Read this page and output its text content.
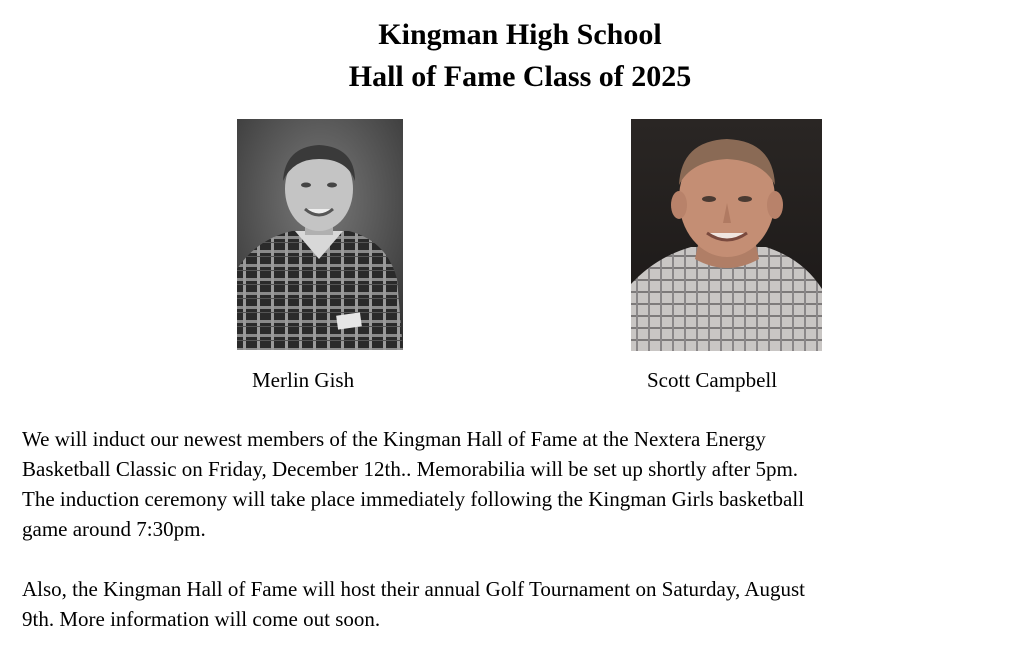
Kingman High School

Hall of Fame Class of 2025

Merlin Gish	Scott Campbell

We will induct our newest members of the Kingman Hall of Fame at the Nextera Energy
Basketball Classic on Friday, December 12th.. Memorabilia will be set up shortly after 5pm.
The induction ceremony will take place immediately following the Kingman Girls basketball
game around 7:30pm.

Also, the Kingman Hall of Fame will host their annual Golf Tournament on Saturday, August
9th. More information will come out soon.
